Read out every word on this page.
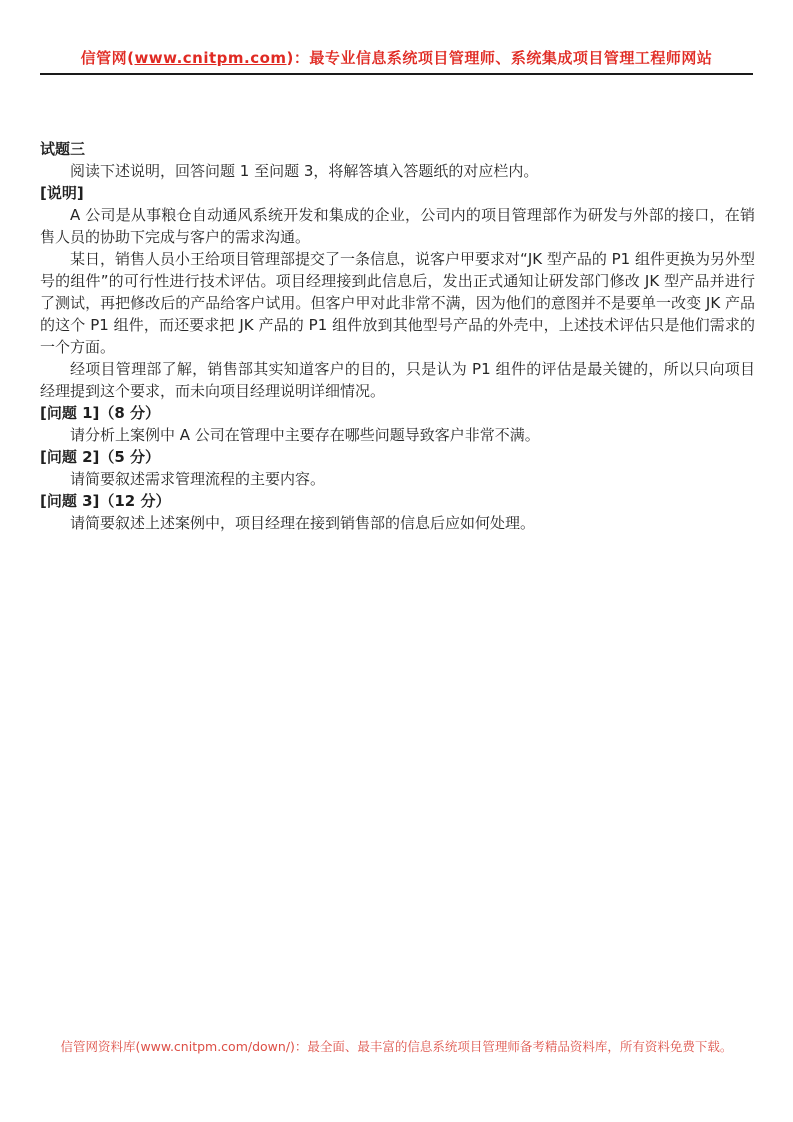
信管网(www.cnitpm.com)：最专业信息系统项目管理师、系统集成项目管理工程师网站

试题三

阅读下述说明，回答问题 1 至问题 3，将解答填入答题纸的对应栏内。

[说明]

A 公司是从事粮仓自动通风系统开发和集成的企业，公司内的项目管理部作为研发与外部的接口，在销售人员的协助下完成与客户的需求沟通。

某日，销售人员小王给项目管理部提交了一条信息，说客户甲要求对“JK 型产品的 P1 组件更换为另外型号的组件”的可行性进行技术评估。项目经理接到此信息后，发出正式通知让研发部门修改 JK 型产品并进行了测试，再把修改后的产品给客户试用。但客户甲对此非常不满，因为他们的意图并不是要单一改变 JK 产品的这个 P1 组件，而还要求把 JK 产品的 P1 组件放到其他型号产品的外壳中，上述技术评估只是他们需求的一个方面。

经项目管理部了解，销售部其实知道客户的目的，只是认为 P1 组件的评估是最关键的，所以只向项目经理提到这个要求，而未向项目经理说明详细情况。

[问题 1]（8 分）

请分析上案例中 A 公司在管理中主要存在哪些问题导致客户非常不满。

[问题 2]（5 分）

请简要叙述需求管理流程的主要内容。

[问题 3]（12 分）

请简要叙述上述案例中，项目经理在接到销售部的信息后应如何处理。

信管网资料库(www.cnitpm.com/down/)：最全面、最丰富的信息系统项目管理师备考精品资料库，所有资料免费下载。
